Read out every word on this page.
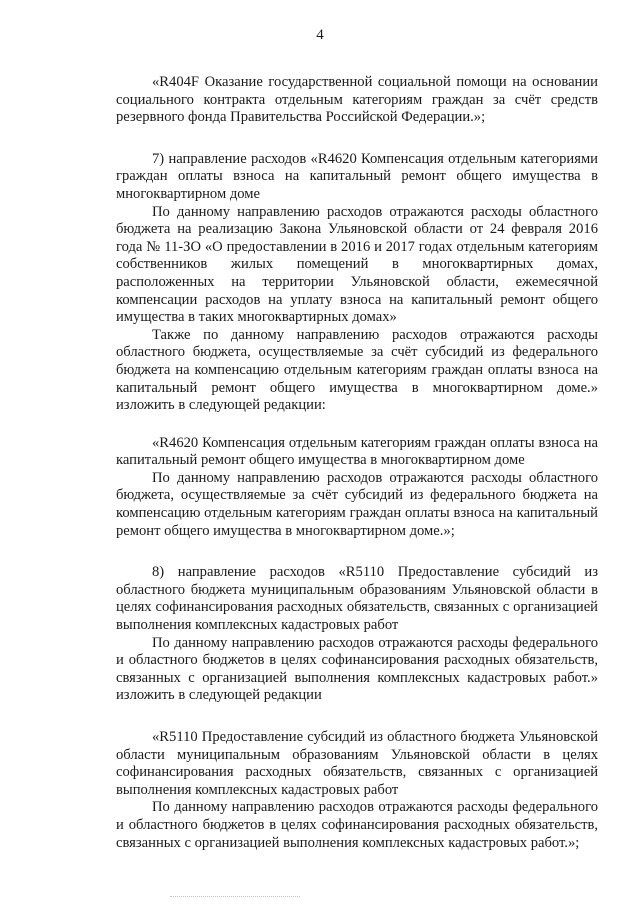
4

«R404F Оказание государственной социальной помощи на основании социального контракта отдельным категориям граждан за счёт средств резервного фонда Правительства Российской Федерации.»;

7) направление расходов «R4620 Компенсация отдельным категориями граждан оплаты взноса на капитальный ремонт общего имущества в многоквартирном доме

По данному направлению расходов отражаются расходы областного бюджета на реализацию Закона Ульяновской области от 24 февраля 2016 года № 11-ЗО «О предоставлении в 2016 и 2017 годах отдельным категориям собственников жилых помещений в многоквартирных домах, расположенных на территории Ульяновской области, ежемесячной компенсации расходов на уплату взноса на капитальный ремонт общего имущества в таких многоквартирных домах»

Также по данному направлению расходов отражаются расходы областного бюджета, осуществляемые за счёт субсидий из федерального бюджета на компенсацию отдельным категориям граждан оплаты взноса на капитальный ремонт общего имущества в многоквартирном доме.» изложить в следующей редакции:

«R4620 Компенсация отдельным категориям граждан оплаты взноса на капитальный ремонт общего имущества в многоквартирном доме

По данному направлению расходов отражаются расходы областного бюджета, осуществляемые за счёт субсидий из федерального бюджета на компенсацию отдельным категориям граждан оплаты взноса на капитальный ремонт общего имущества в многоквартирном доме.»;

8) направление расходов «R5110 Предоставление субсидий из областного бюджета муниципальным образованиям Ульяновской области в целях софинансирования расходных обязательств, связанных с организацией выполнения комплексных кадастровых работ

По данному направлению расходов отражаются расходы федерального и областного бюджетов в целях софинансирования расходных обязательств, связанных с организацией выполнения комплексных кадастровых работ.» изложить в следующей редакции

«R5110 Предоставление субсидий из областного бюджета Ульяновской области муниципальным образованиям Ульяновской области в целях софинансирования расходных обязательств, связанных с организацией выполнения комплексных кадастровых работ

По данному направлению расходов отражаются расходы федерального и областного бюджетов в целях софинансирования расходных обязательств, связанных с организацией выполнения комплексных кадастровых работ.»;
